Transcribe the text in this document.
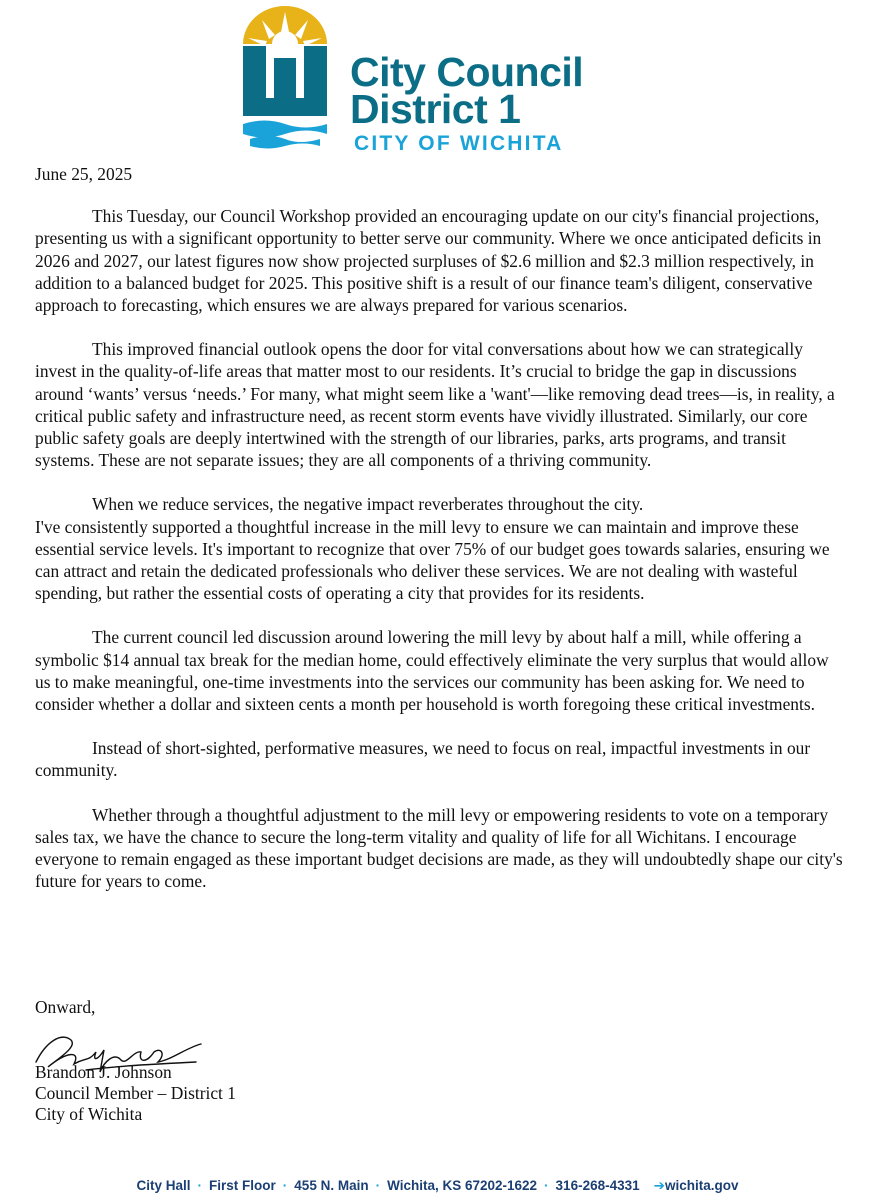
City Council
District 1
CITY OF WICHITA

June 25, 2025

This Tuesday, our Council Workshop provided an encouraging update on our city's financial projections, presenting us with a significant opportunity to better serve our community. Where we once anticipated deficits in 2026 and 2027, our latest figures now show projected surpluses of $2.6 million and $2.3 million respectively, in addition to a balanced budget for 2025. This positive shift is a result of our finance team's diligent, conservative approach to forecasting, which ensures we are always prepared for various scenarios.

This improved financial outlook opens the door for vital conversations about how we can strategically invest in the quality-of-life areas that matter most to our residents. It’s crucial to bridge the gap in discussions around ‘wants’ versus ‘needs.’ For many, what might seem like a 'want'—like removing dead trees—is, in reality, a critical public safety and infrastructure need, as recent storm events have vividly illustrated. Similarly, our core public safety goals are deeply intertwined with the strength of our libraries, parks, arts programs, and transit systems. These are not separate issues; they are all components of a thriving community.

When we reduce services, the negative impact reverberates throughout the city.

I've consistently supported a thoughtful increase in the mill levy to ensure we can maintain and improve these essential service levels. It's important to recognize that over 75% of our budget goes towards salaries, ensuring we can attract and retain the dedicated professionals who deliver these services. We are not dealing with wasteful spending, but rather the essential costs of operating a city that provides for its residents.

The current council led discussion around lowering the mill levy by about half a mill, while offering a symbolic $14 annual tax break for the median home, could effectively eliminate the very surplus that would allow us to make meaningful, one-time investments into the services our community has been asking for. We need to consider whether a dollar and sixteen cents a month per household is worth foregoing these critical investments.

Instead of short-sighted, performative measures, we need to focus on real, impactful investments in our community.

Whether through a thoughtful adjustment to the mill levy or empowering residents to vote on a temporary sales tax, we have the chance to secure the long-term vitality and quality of life for all Wichitans. I encourage everyone to remain engaged as these important budget decisions are made, as they will undoubtedly shape our city's future for years to come.

Onward,
Brandon J. Johnson
Council Member – District 1
City of Wichita
City Hall · First Floor · 455 N. Main · Wichita, KS 67202-1622 · 316-268-4331 ➔wichita.gov
